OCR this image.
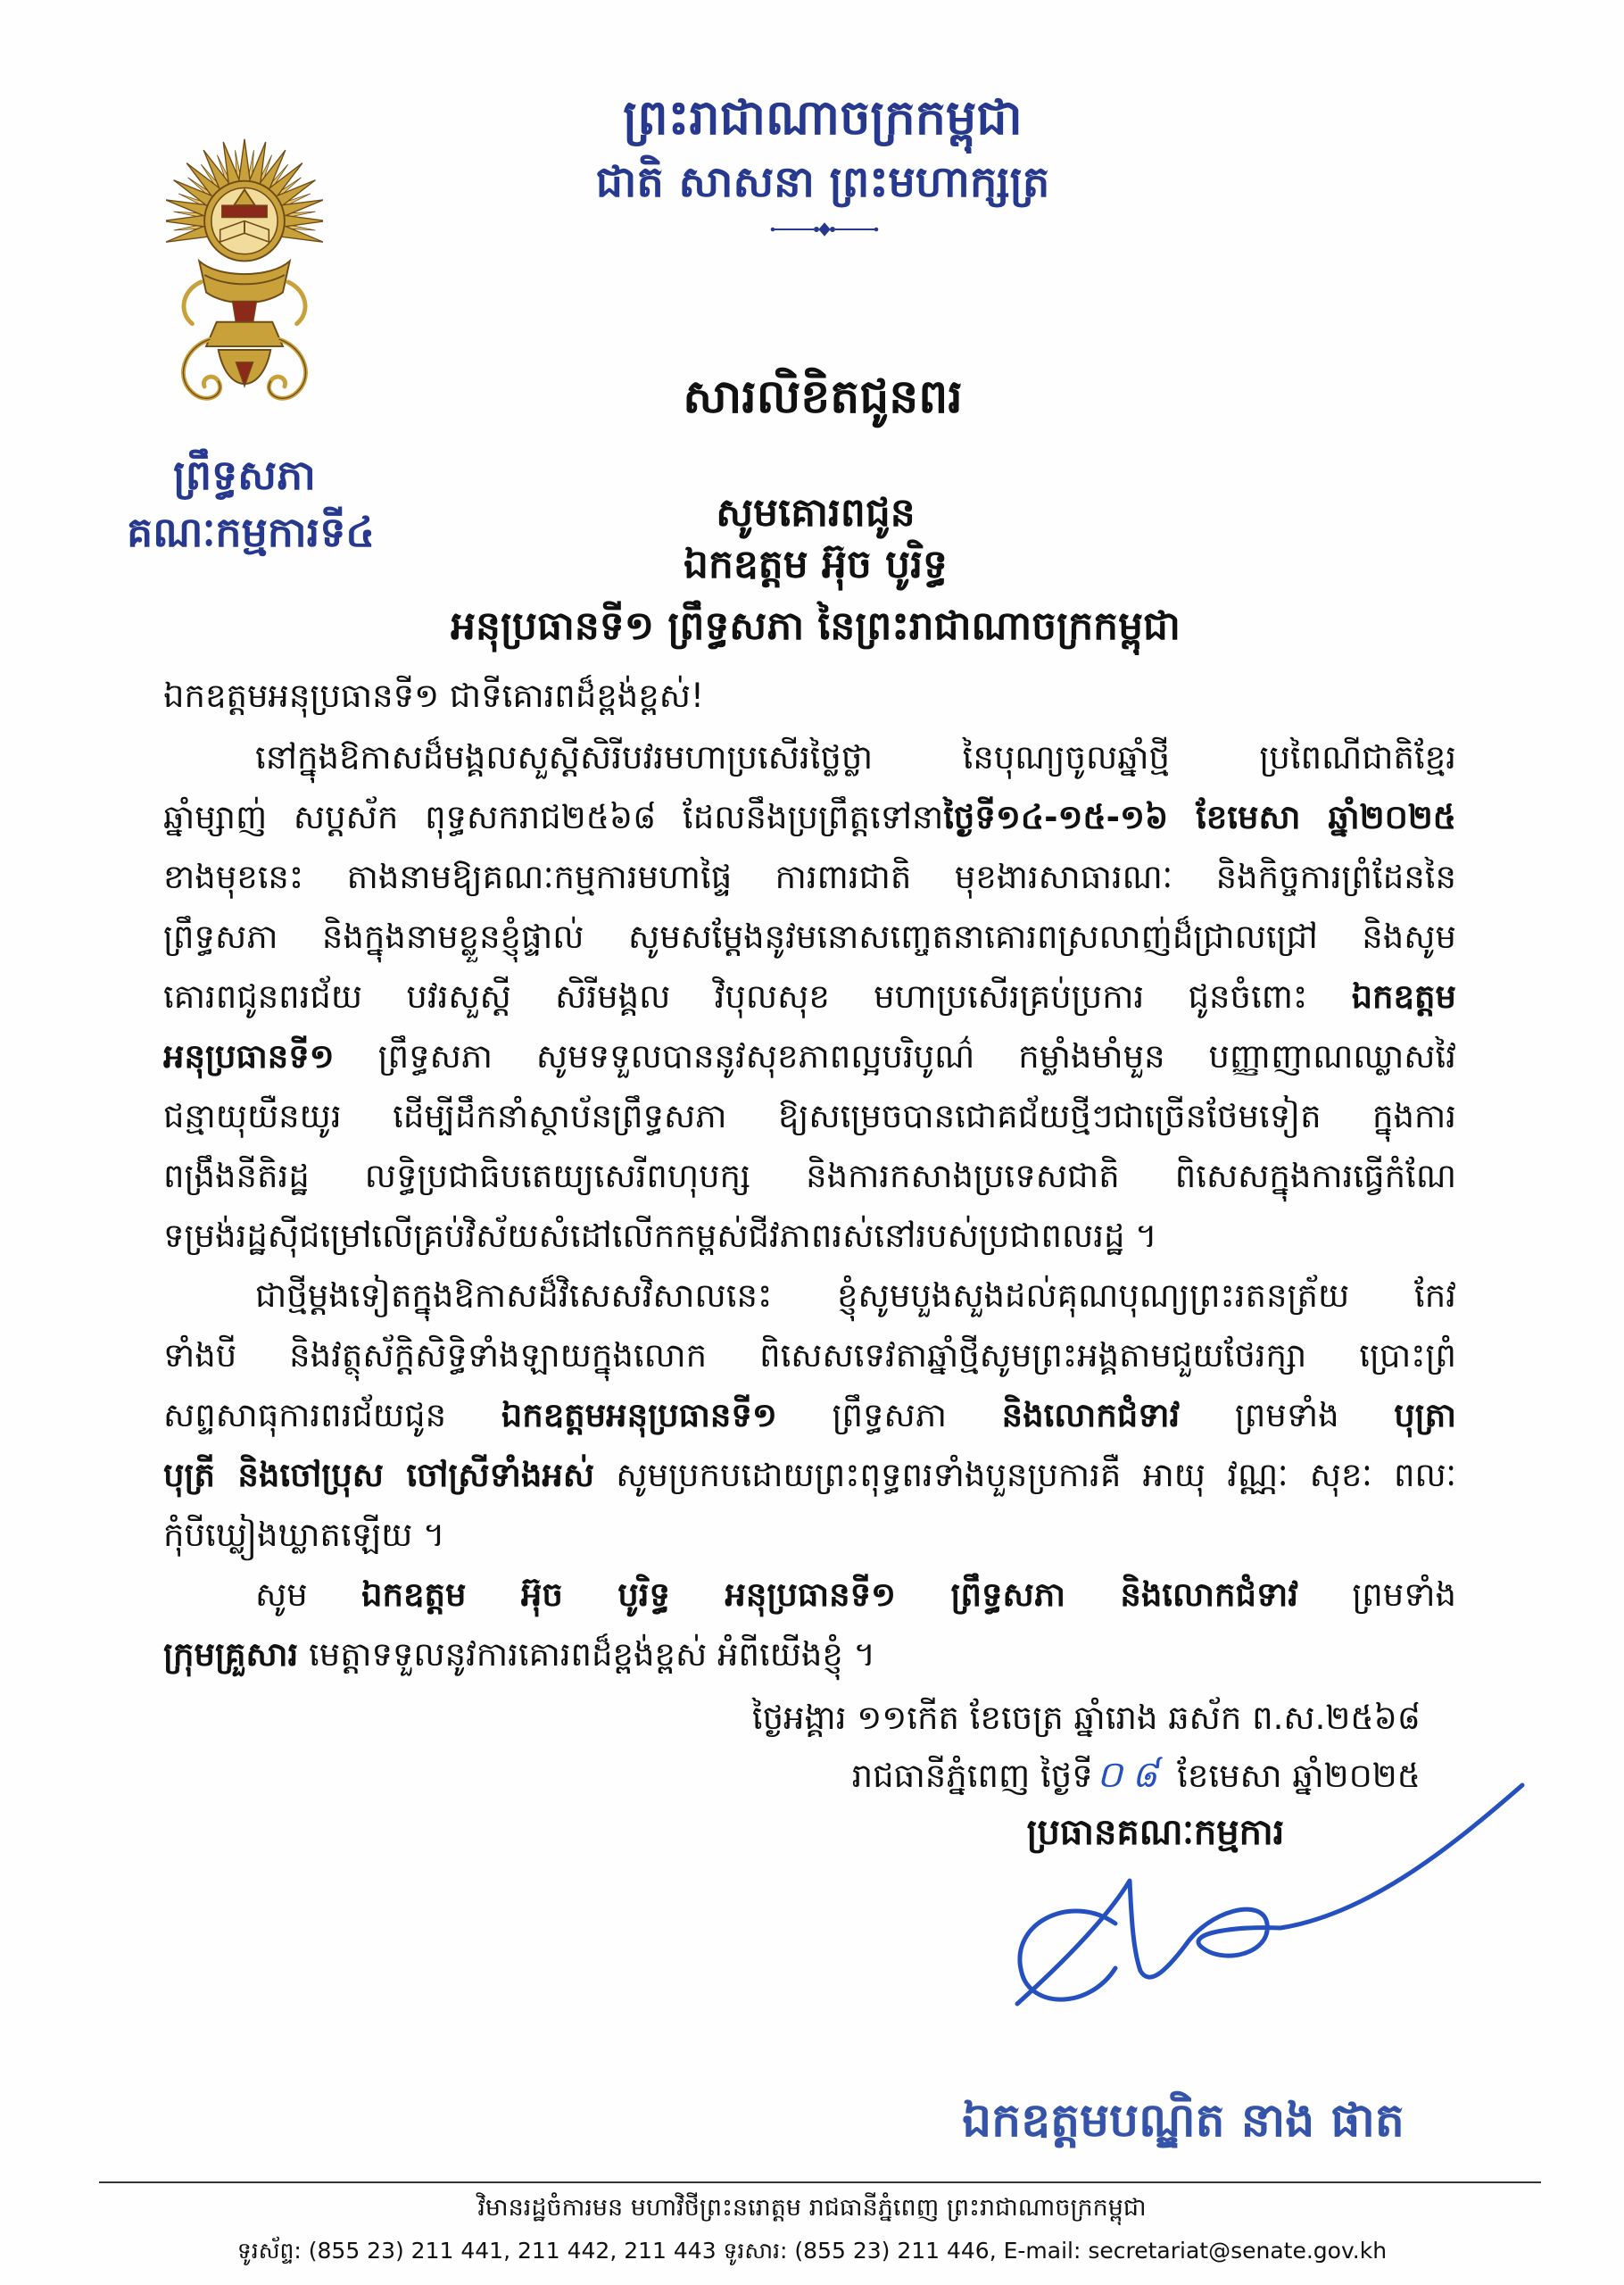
ព្រះរាជាណាចក្រកម្ពុជា
ជាតិ សាសនា ព្រះមហាក្សត្រ
ព្រឹទ្ធសភា
គណៈកម្មការទី៤
សារលិខិតជូនពរ
សូមគោរពជូន
ឯកឧត្តម អ៊ុច បូរិទ្ធ
អនុប្រធានទី១ ព្រឹទ្ធសភា នៃព្រះរាជាណាចក្រកម្ពុជា
ឯកឧត្តមអនុប្រធានទី១ ជាទីគោរពដ៏ខ្ពង់ខ្ពស់!
នៅក្នុងឱកាសដ៏មង្គលសួស្តីសិរីបវរមហាប្រសើរថ្លៃថ្លា នៃបុណ្យចូលឆ្នាំថ្មី ប្រពៃណីជាតិខ្មែរ
ឆ្នាំម្សាញ់ សប្តស័ក ពុទ្ធសករាជ២៥៦៨ ដែលនឹងប្រព្រឹត្តទៅនាថ្ងៃទី១៤-១៥-១៦ ខែមេសា ឆ្នាំ២០២៥
ខាងមុខនេះ តាងនាមឱ្យគណៈកម្មការមហាផ្ទៃ ការពារជាតិ មុខងារសាធារណៈ និងកិច្ចការព្រំដែននៃ
ព្រឹទ្ធសភា និងក្នុងនាមខ្លួនខ្ញុំផ្ទាល់ សូមសម្តែងនូវមនោសញ្ចេតនាគោរពស្រលាញ់ដ៏ជ្រាលជ្រៅ និងសូម
គោរពជូនពរជ័យ បវរសួស្តី សិរីមង្គល វិបុលសុខ មហាប្រសើរគ្រប់ប្រការ ជូនចំពោះ ឯកឧត្តម
អនុប្រធានទី១ ព្រឹទ្ធសភា សូមទទួលបាននូវសុខភាពល្អបរិបូណ៌ កម្លាំងមាំមួន បញ្ញាញាណឈ្លាសវៃ
ជន្មាយុយឺនយូរ ដើម្បីដឹកនាំស្ថាប័នព្រឹទ្ធសភា ឱ្យសម្រេចបានជោគជ័យថ្មីៗជាច្រើនថែមទៀត ក្នុងការ
ពង្រឹងនីតិរដ្ឋ លទ្ធិប្រជាធិបតេយ្យសេរីពហុបក្ស និងការកសាងប្រទេសជាតិ ពិសេសក្នុងការធ្វើកំណែ
ទម្រង់រដ្ឋស៊ីជម្រៅលើគ្រប់វិស័យសំដៅលើកកម្ពស់ជីវភាពរស់នៅរបស់ប្រជាពលរដ្ឋ ។
ជាថ្មីម្តងទៀតក្នុងឱកាសដ៏វិសេសវិសាលនេះ ខ្ញុំសូមបួងសួងដល់គុណបុណ្យព្រះរតនត្រ័យ កែវ
ទាំងបី និងវត្ថុស័ក្តិសិទ្ធិទាំងឡាយក្នុងលោក ពិសេសទេវតាឆ្នាំថ្មីសូមព្រះអង្គតាមជួយថែរក្សា ប្រោះព្រំ
សព្ទសាធុការពរជ័យជូន ឯកឧត្តមអនុប្រធានទី១ ព្រឹទ្ធសភា និងលោកជំទាវ ព្រមទាំង បុត្រា
បុត្រី និងចៅប្រុស ចៅស្រីទាំងអស់ សូមប្រកបដោយព្រះពុទ្ធពរទាំងបួនប្រការគឺ អាយុ វណ្ណៈ សុខៈ ពលៈ
កុំបីឃ្លៀងឃ្លាតឡើយ ។
សូម ឯកឧត្តម អ៊ុច បូរិទ្ធ អនុប្រធានទី១ ព្រឹទ្ធសភា និងលោកជំទាវ ព្រមទាំង
ក្រុមគ្រួសារ មេត្តាទទួលនូវការគោរពដ៏ខ្ពង់ខ្ពស់ អំពីយើងខ្ញុំ ។
ថ្ងៃអង្គារ ១១កើត ខែចេត្រ ឆ្នាំរោង ឆស័ក ព.ស.២៥៦៨
រាជធានីភ្នំពេញ ថ្ងៃទី០៨ ខែមេសា ឆ្នាំ២០២៥
ប្រធានគណៈកម្មការ
ឯកឧត្តមបណ្ឌិត នាង ផាត
វិមានរដ្ឋចំការមន មហាវិថីព្រះនរោត្តម រាជធានីភ្នំពេញ ព្រះរាជាណាចក្រកម្ពុជា
ទូរស័ព្ទ: (855 23) 211 441, 211 442, 211 443 ទូរសារ: (855 23) 211 446, E-mail: secretariat@senate.gov.kh
